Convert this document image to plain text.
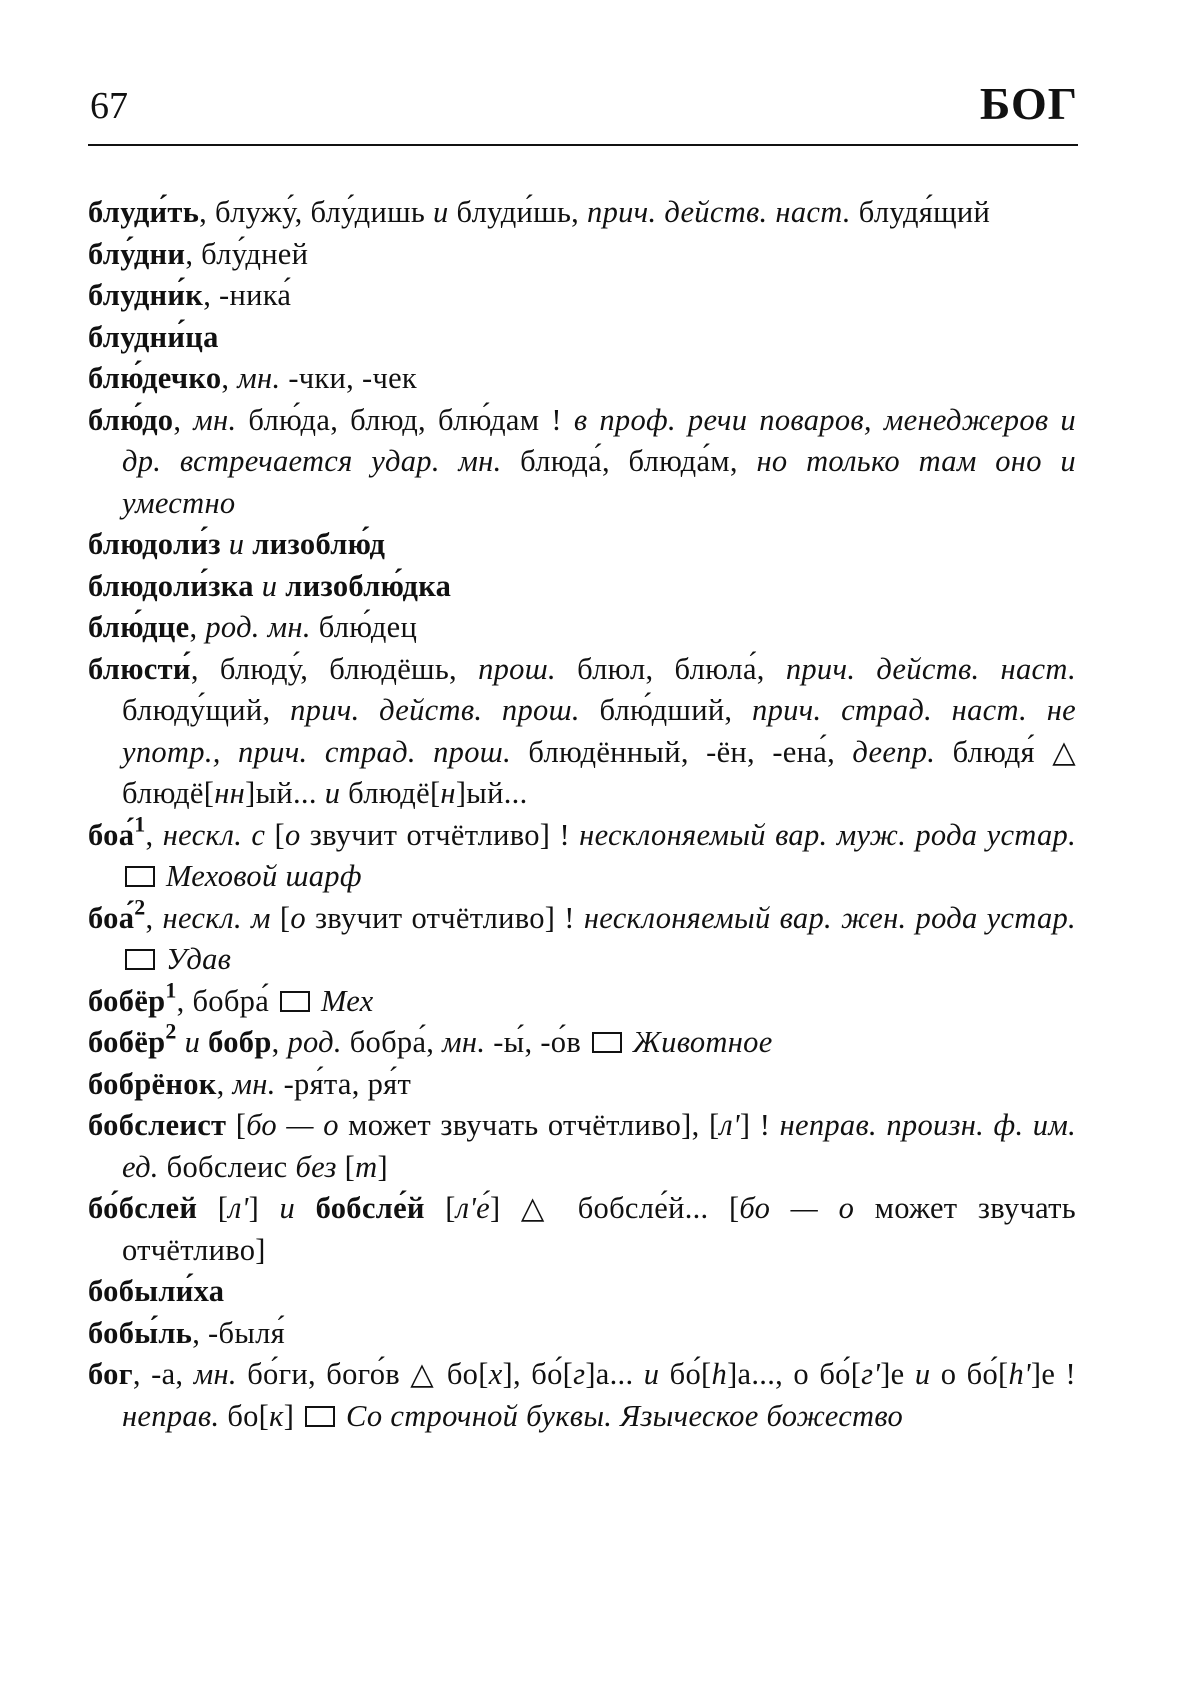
67	БОГ
блуди́ть, блужу́, блу́дишь и блуди́шь, прич. действ. наст. блудя́щий
блу́дни, блу́дней
блудни́к, -ника́
блудни́ца
блю́дечко, мн. -чки, -чек
блю́до, мн. блю́да, блюд, блю́дам ! в проф. речи поваров, менеджеров и др. встречается удар. мн. блюда́, блюда́м, но только там оно и уместно
блюдоли́з и лизоблю́д
блюдоли́зка и лизоблю́дка
блю́дце, род. мн. блю́дец
блюсти́, блюду́, блюдёшь, прош. блюл, блюла́, прич. действ. наст. блюду́щий, прич. действ. прош. блю́дший, прич. страд. наст. не употр., прич. страд. прош. блюдённый, -ён, -ена́, деепр. блюдя́ △ блюдё[нн]ый... и блюдё[н]ый...
боа́$^1$, нескл. с [о звучит отчётливо] ! несклоняемый вар. муж. рода устар. Меховой шарф
боа́$^2$, нескл. м [о звучит отчётливо] ! несклоняемый вар. жен. рода устар. Удав
бобёр$^1$, бобра́  Мех
бобёр$^2$ и бобр, род. бобра́, мн. -ы́, -о́в  Животное
бобрёнок, мн. -ря́та, ря́т
бобслеист [бо — о может звучать отчётливо], [л'] ! неправ. произн. ф. им. ед. бобслеис без [т]
бо́бслей [л'] и бобсле́й [л'е́] △ бобсле́й... [бо — о может звучать отчётливо]
бобыли́ха
бобы́ль, -быля́
бог, -а, мн. бо́ги, бого́в △ бо[х], бо́[г]а... и бо́[h]а..., о бо́[г']е и о бо́[h']е ! неправ. бо[к]  Со строчной буквы. Языческое божество
